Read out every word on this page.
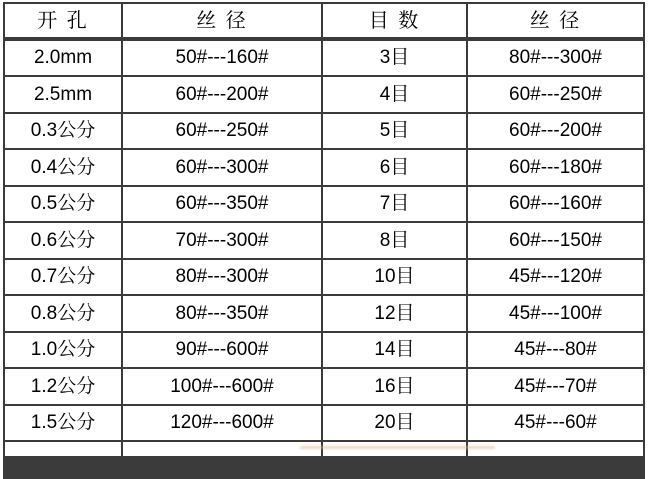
开 孔	丝 径	目 数	丝 径
2.0mm	50#---160#	3目	80#---300#
2.5mm	60#---200#	4目	60#---250#
0.3公分	60#---250#	5目	60#---200#
0.4公分	60#---300#	6目	60#---180#
0.5公分	60#---350#	7目	60#---160#
0.6公分	70#---300#	8目	60#---150#
0.7公分	80#---300#	10目	45#---120#
0.8公分	80#---350#	12目	45#---100#
1.0公分	90#---600#	14目	45#---80#
1.2公分	100#---600#	16目	45#---70#
1.5公分	120#---600#	20目	45#---60#
